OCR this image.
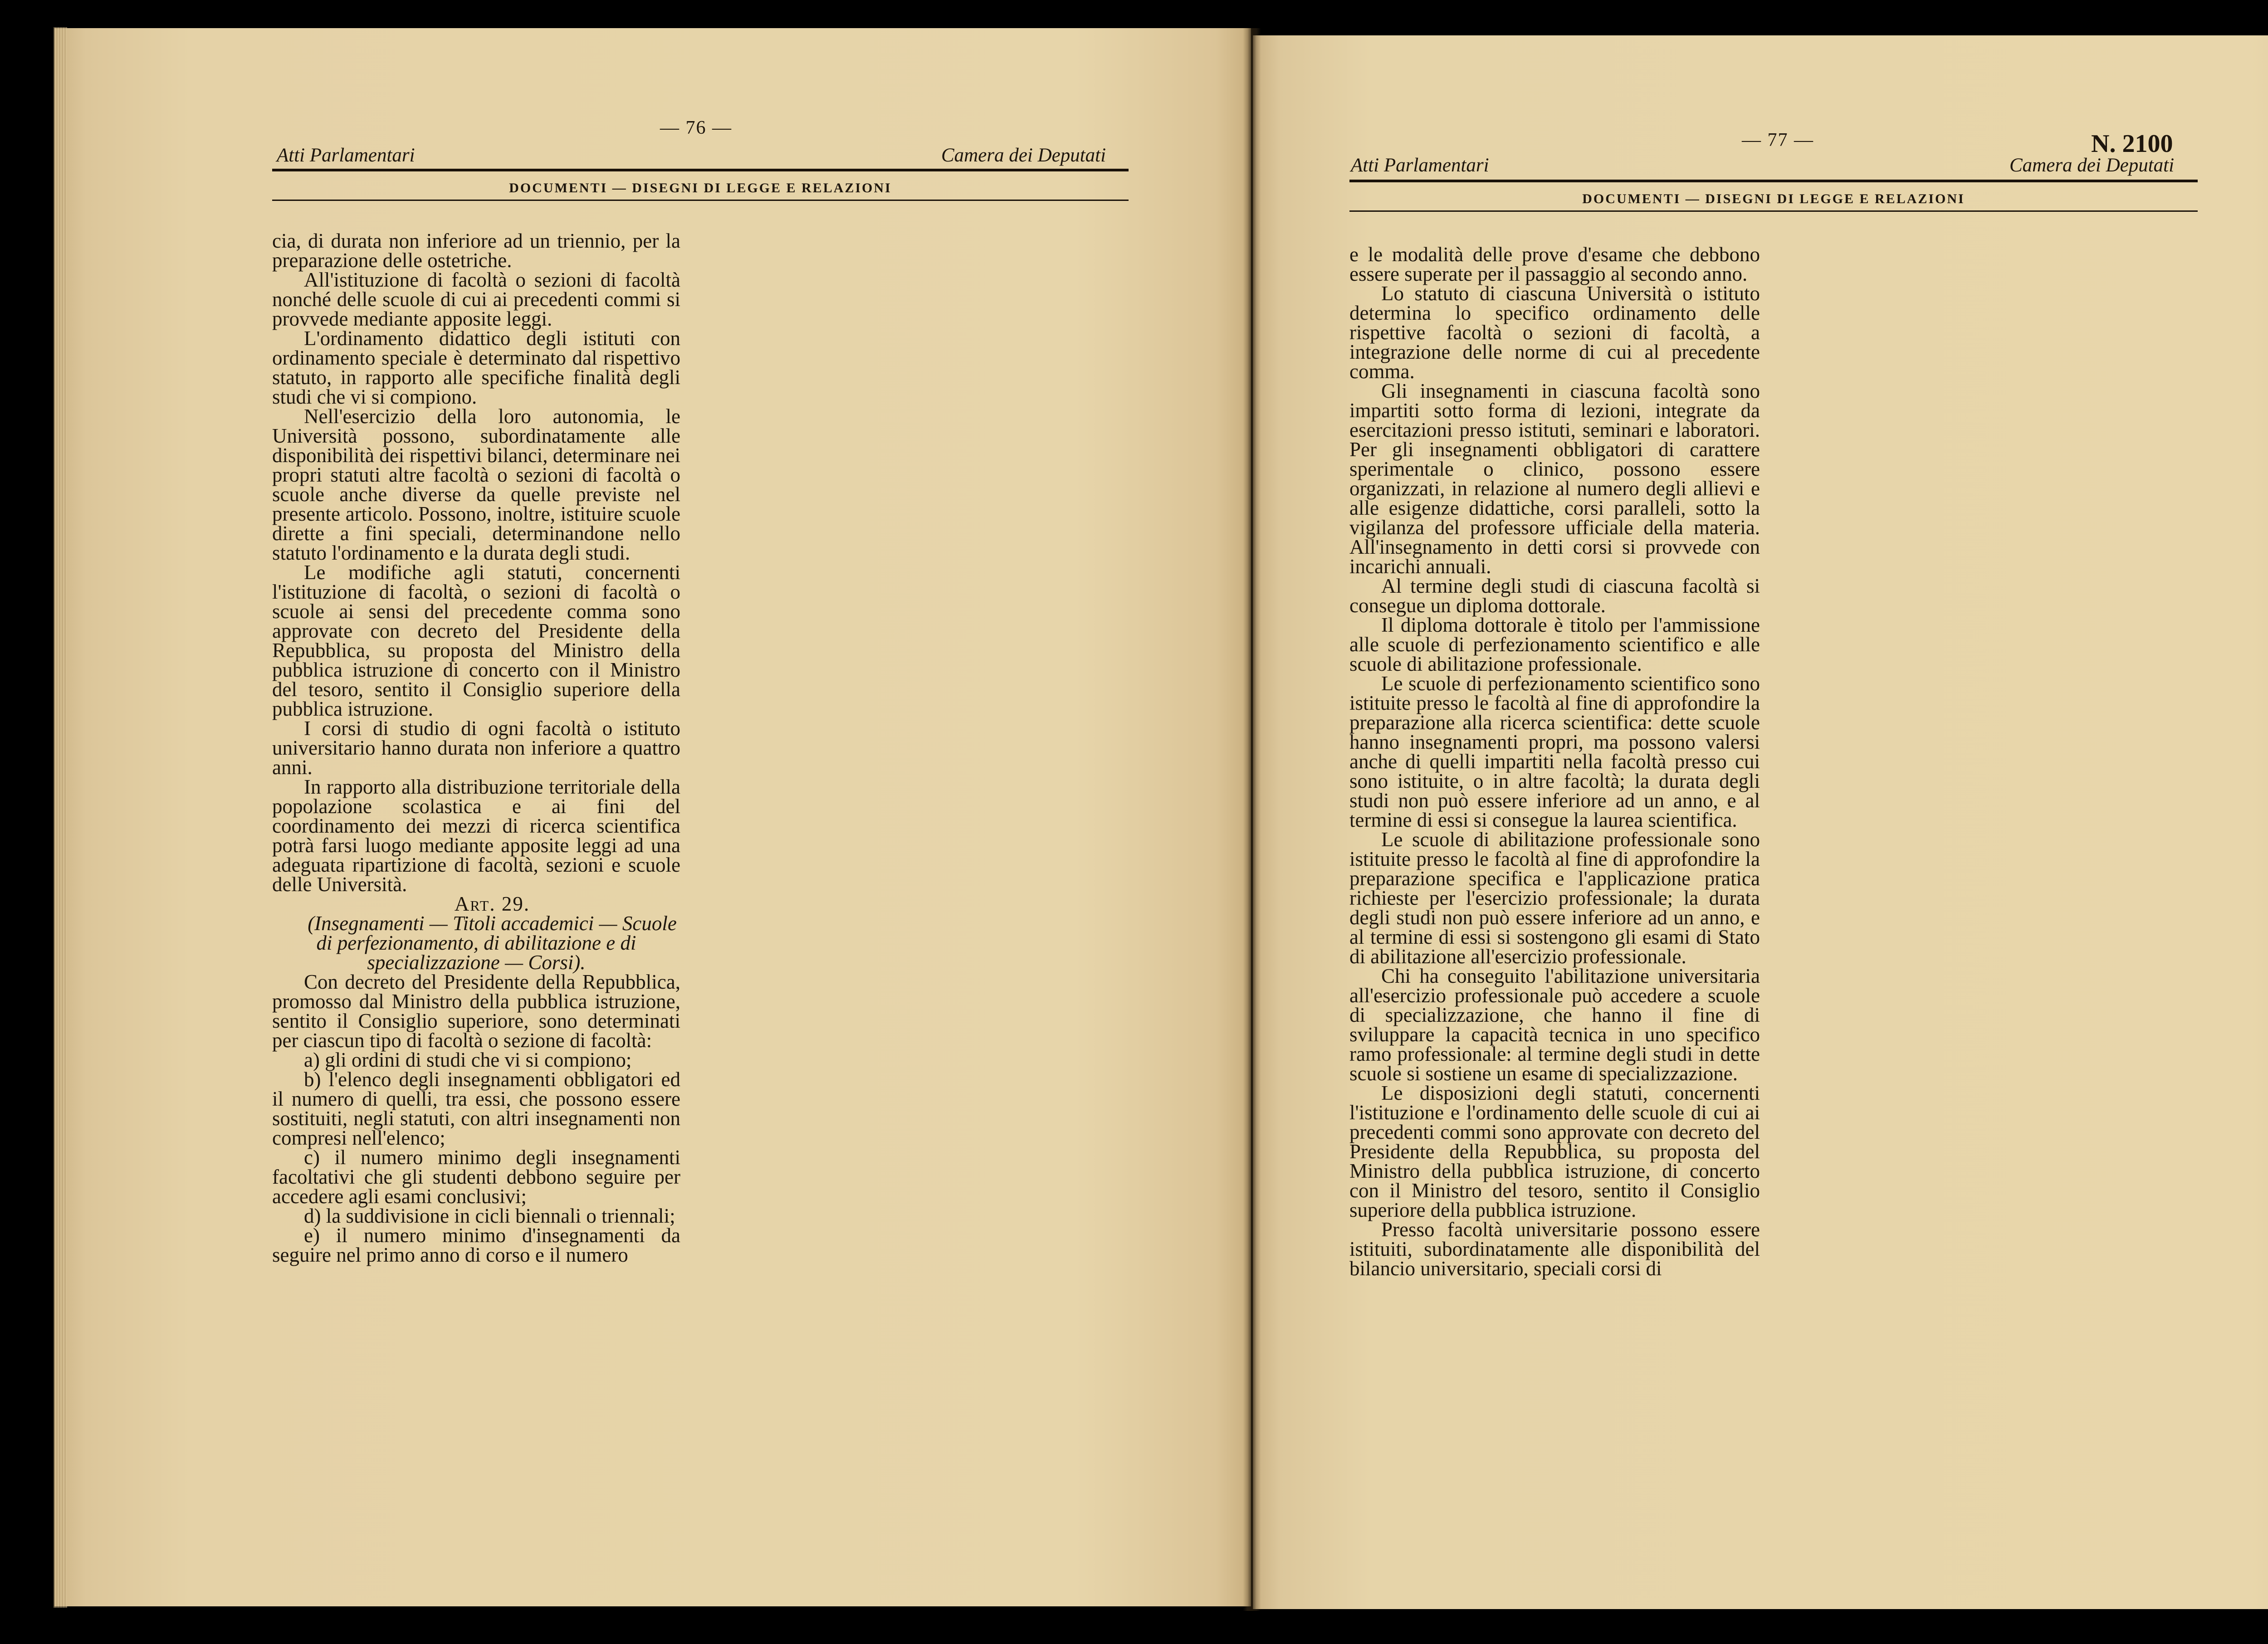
— 76 —
Atti Parlamentari	Camera dei Deputati
DOCUMENTI — DISEGNI DI LEGGE E RELAZIONI

cia, di durata non inferiore ad un triennio, per la preparazione delle ostetriche.

All'istituzione di facoltà o sezioni di facoltà nonché delle scuole di cui ai precedenti commi si provvede mediante apposite leggi.

L'ordinamento didattico degli istituti con ordinamento speciale è determinato dal rispettivo statuto, in rapporto alle specifiche finalità degli studi che vi si compiono.

Nell'esercizio della loro autonomia, le Università possono, subordinatamente alle disponibilità dei rispettivi bilanci, determinare nei propri statuti altre facoltà o sezioni di facoltà o scuole anche diverse da quelle previste nel presente articolo. Possono, inoltre, istituire scuole dirette a fini speciali, determinandone nello statuto l'ordinamento e la durata degli studi.

Le modifiche agli statuti, concernenti l'istituzione di facoltà, o sezioni di facoltà o scuole ai sensi del precedente comma sono approvate con decreto del Presidente della Repubblica, su proposta del Ministro della pubblica istruzione di concerto con il Ministro del tesoro, sentito il Consiglio superiore della pubblica istruzione.

I corsi di studio di ogni facoltà o istituto universitario hanno durata non inferiore a quattro anni.

In rapporto alla distribuzione territoriale della popolazione scolastica e ai fini del coordinamento dei mezzi di ricerca scientifica potrà farsi luogo mediante apposite leggi ad una adeguata ripartizione di facoltà, sezioni e scuole delle Università.

Art. 29.

(Insegnamenti — Titoli accademici — Scuole di perfezionamento, di abilitazione e di specializzazione — Corsi).

Con decreto del Presidente della Repubblica, promosso dal Ministro della pubblica istruzione, sentito il Consiglio superiore, sono determinati per ciascun tipo di facoltà o sezione di facoltà:

a) gli ordini di studi che vi si compiono;

b) l'elenco degli insegnamenti obbligatori ed il numero di quelli, tra essi, che possono essere sostituiti, negli statuti, con altri insegnamenti non compresi nell'elenco;

c) il numero minimo degli insegnamenti facoltativi che gli studenti debbono seguire per accedere agli esami conclusivi;

d) la suddivisione in cicli biennali o triennali;

e) il numero minimo d'insegnamenti da seguire nel primo anno di corso e il numero

— 77 —	N. 2100
Atti Parlamentari	Camera dei Deputati
DOCUMENTI — DISEGNI DI LEGGE E RELAZIONI

e le modalità delle prove d'esame che debbono essere superate per il passaggio al secondo anno.

Lo statuto di ciascuna Università o istituto determina lo specifico ordinamento delle rispettive facoltà o sezioni di facoltà, a integrazione delle norme di cui al precedente comma.

Gli insegnamenti in ciascuna facoltà sono impartiti sotto forma di lezioni, integrate da esercitazioni presso istituti, seminari e laboratori. Per gli insegnamenti obbligatori di carattere sperimentale o clinico, possono essere organizzati, in relazione al numero degli allievi e alle esigenze didattiche, corsi paralleli, sotto la vigilanza del professore ufficiale della materia. All'insegnamento in detti corsi si provvede con incarichi annuali.

Al termine degli studi di ciascuna facoltà si consegue un diploma dottorale.

Il diploma dottorale è titolo per l'ammissione alle scuole di perfezionamento scientifico e alle scuole di abilitazione professionale.

Le scuole di perfezionamento scientifico sono istituite presso le facoltà al fine di approfondire la preparazione alla ricerca scientifica: dette scuole hanno insegnamenti propri, ma possono valersi anche di quelli impartiti nella facoltà presso cui sono istituite, o in altre facoltà; la durata degli studi non può essere inferiore ad un anno, e al termine di essi si consegue la laurea scientifica.

Le scuole di abilitazione professionale sono istituite presso le facoltà al fine di approfondire la preparazione specifica e l'applicazione pratica richieste per l'esercizio professionale; la durata degli studi non può essere inferiore ad un anno, e al termine di essi si sostengono gli esami di Stato di abilitazione all'esercizio professionale.

Chi ha conseguito l'abilitazione universitaria all'esercizio professionale può accedere a scuole di specializzazione, che hanno il fine di sviluppare la capacità tecnica in uno specifico ramo professionale: al termine degli studi in dette scuole si sostiene un esame di specializzazione.

Le disposizioni degli statuti, concernenti l'istituzione e l'ordinamento delle scuole di cui ai precedenti commi sono approvate con decreto del Presidente della Repubblica, su proposta del Ministro della pubblica istruzione, di concerto con il Ministro del tesoro, sentito il Consiglio superiore della pubblica istruzione.

Presso facoltà universitarie possono essere istituiti, subordinatamente alle disponibilità del bilancio universitario, speciali corsi di
